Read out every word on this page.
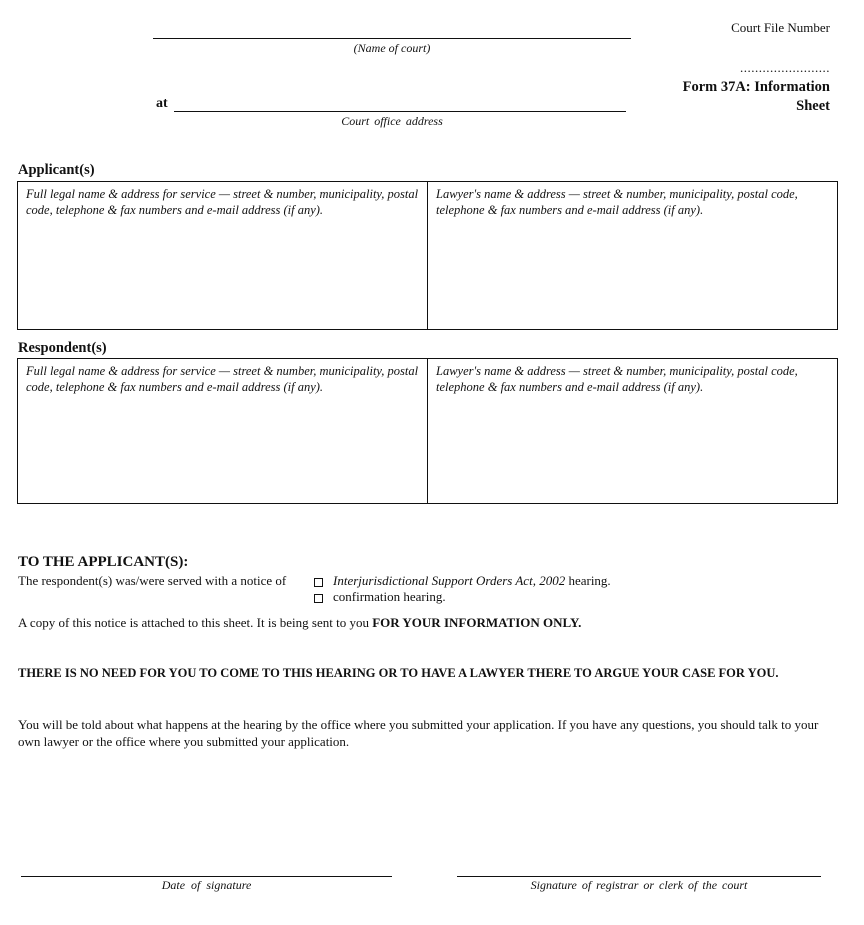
(Name of court)
Court File Number
........................
at
Court office address
Form 37A: Information
Sheet
Applicant(s)
Full legal name & address for service — street & number, municipality, postal code, telephone & fax numbers and e-mail address (if any).
Lawyer's name & address — street & number, municipality, postal code, telephone & fax numbers and e-mail address (if any).
Respondent(s)
Full legal name & address for service — street & number, municipality, postal code, telephone & fax numbers and e-mail address (if any).
Lawyer's name & address — street & number, municipality, postal code, telephone & fax numbers and e-mail address (if any).
TO THE APPLICANT(S):
The respondent(s) was/were served with a notice of	Interjurisdictional Support Orders Act, 2002 hearing.
confirmation hearing.
A copy of this notice is attached to this sheet. It is being sent to you FOR YOUR INFORMATION ONLY.
THERE IS NO NEED FOR YOU TO COME TO THIS HEARING OR TO HAVE A LAWYER THERE TO ARGUE YOUR CASE FOR YOU.
You will be told about what happens at the hearing by the office where you submitted your application. If you have any questions, you should talk to your own lawyer or the office where you submitted your application.
Date of signature	Signature of registrar or clerk of the court
